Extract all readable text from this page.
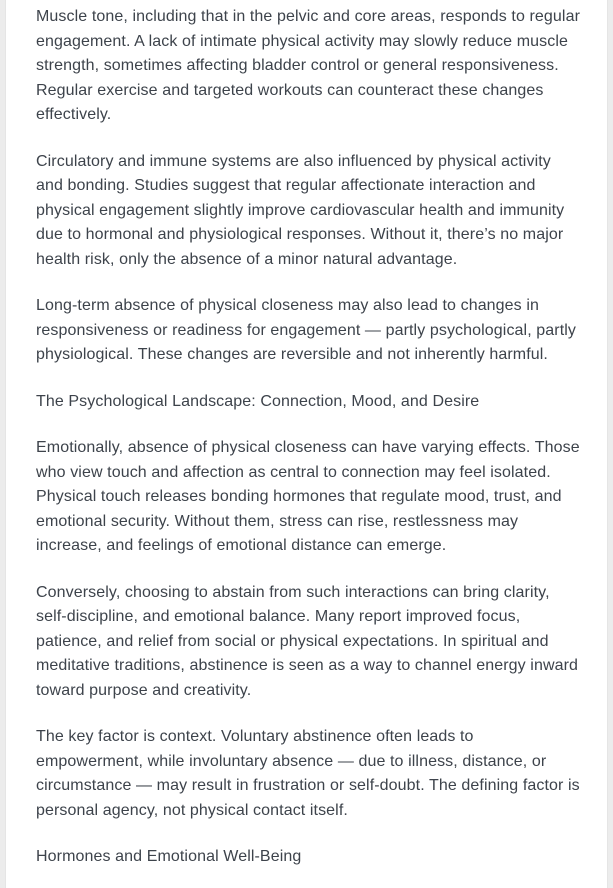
Muscle tone, including that in the pelvic and core areas, responds to regular engagement. A lack of intimate physical activity may slowly reduce muscle strength, sometimes affecting bladder control or general responsiveness. Regular exercise and targeted workouts can counteract these changes effectively.

Circulatory and immune systems are also influenced by physical activity and bonding. Studies suggest that regular affectionate interaction and physical engagement slightly improve cardiovascular health and immunity due to hormonal and physiological responses. Without it, there’s no major health risk, only the absence of a minor natural advantage.

Long-term absence of physical closeness may also lead to changes in responsiveness or readiness for engagement — partly psychological, partly physiological. These changes are reversible and not inherently harmful.

The Psychological Landscape: Connection, Mood, and Desire

Emotionally, absence of physical closeness can have varying effects. Those who view touch and affection as central to connection may feel isolated. Physical touch releases bonding hormones that regulate mood, trust, and emotional security. Without them, stress can rise, restlessness may increase, and feelings of emotional distance can emerge.

Conversely, choosing to abstain from such interactions can bring clarity, self-discipline, and emotional balance. Many report improved focus, patience, and relief from social or physical expectations. In spiritual and meditative traditions, abstinence is seen as a way to channel energy inward toward purpose and creativity.

The key factor is context. Voluntary abstinence often leads to empowerment, while involuntary absence — due to illness, distance, or circumstance — may result in frustration or self-doubt. The defining factor is personal agency, not physical contact itself.

Hormones and Emotional Well-Being
